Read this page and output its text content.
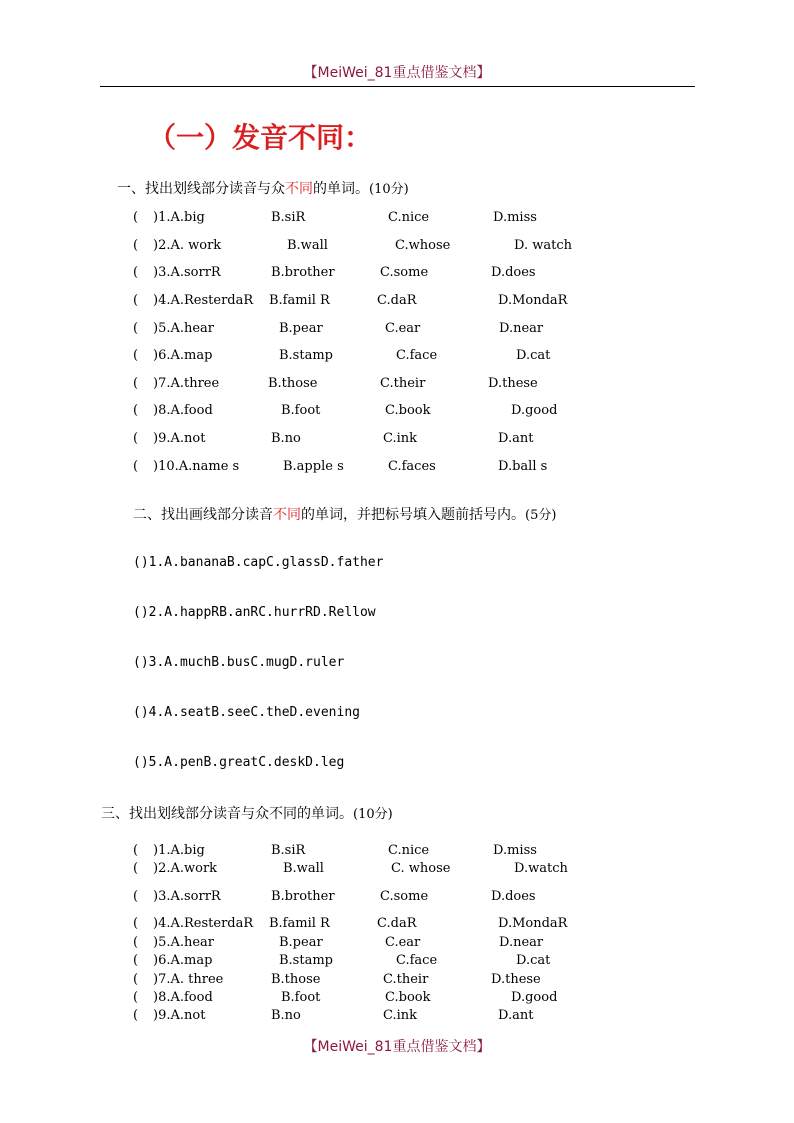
【MeiWei_81重点借鉴文档】
（一）发音不同：
一、找出划线部分读音与众不同的单词。(10分)
( )1.A.big	B.siR	C.nice	D.miss
( )2.A. work	B.wall	C.whose	D. watch
( )3.A.sorrR	B.brother	C.some	D.does
( )4.A.ResterdaR B.famil R	C.daR	D.MondaR
( )5.A.hear	B.pear	C.ear	D.near
( )6.A.map	B.stamp	C.face	D.cat
( )7.A.three	B.those	C.their	D.these
( )8.A.food	B.foot	C.book	D.good
( )9.A.not	B.no	C.ink	D.ant
( )10.A.name s	B.apple s	C.faces	D.ball s
二、找出画线部分读音不同的单词，并把标号填入题前括号内。(5分)
()1.A.bananaB.capC.glassD.father
()2.A.happRB.anRC.hurrRD.Rellow
()3.A.muchB.busC.mugD.ruler
()4.A.seatB.seeC.theD.evening
()5.A.penB.greatC.deskD.leg
三、找出划线部分读音与众不同的单词。(10分)
( )1.A.big	B.siR	C.nice	D.miss
( )2.A.work	B.wall	C. whose	D.watch
( )3.A.sorrR	B.brother	C.some	D.does
( )4.A.ResterdaR B.famil R	C.daR	D.MondaR
( )5.A.hear	B.pear	C.ear	D.near
( )6.A.map	B.stamp	C.face	D.cat
( )7.A. three	B.those	C.their	D.these
( )8.A.food	B.foot	C.book	D.good
( )9.A.not	B.no	C.ink	D.ant
【MeiWei_81重点借鉴文档】
